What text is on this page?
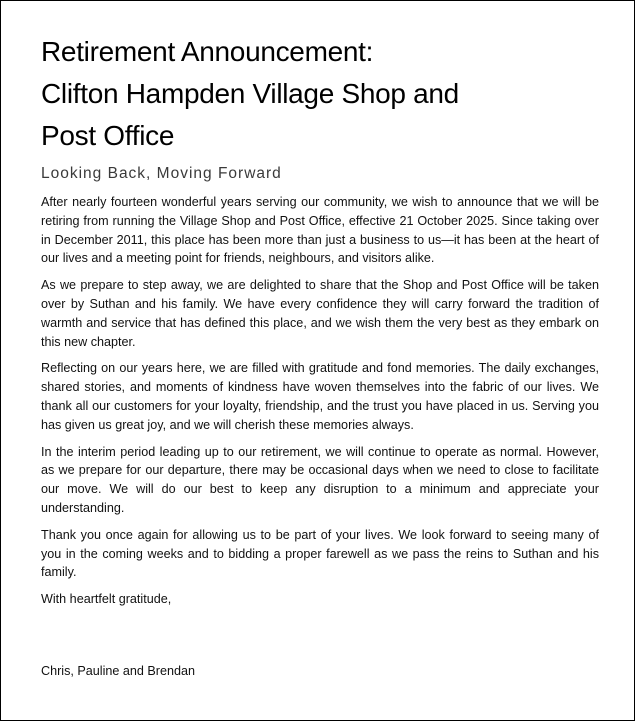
Retirement Announcement:
Clifton Hampden Village Shop and
Post Office
Looking Back, Moving Forward

After nearly fourteen wonderful years serving our community, we wish to announce that we will be retiring from running the Village Shop and Post Office, effective 21 October 2025. Since taking over in December 2011, this place has been more than just a business to us—it has been at the heart of our lives and a meeting point for friends, neighbours, and visitors alike.

As we prepare to step away, we are delighted to share that the Shop and Post Office will be taken over by Suthan and his family. We have every confidence they will carry forward the tradition of warmth and service that has defined this place, and we wish them the very best as they embark on this new chapter.

Reflecting on our years here, we are filled with gratitude and fond memories. The daily exchanges, shared stories, and moments of kindness have woven themselves into the fabric of our lives. We thank all our customers for your loyalty, friendship, and the trust you have placed in us. Serving you has given us great joy, and we will cherish these memories always.

In the interim period leading up to our retirement, we will continue to operate as normal. However, as we prepare for our departure, there may be occasional days when we need to close to facilitate our move. We will do our best to keep any disruption to a minimum and appreciate your understanding.

Thank you once again for allowing us to be part of your lives. We look forward to seeing many of you in the coming weeks and to bidding a proper farewell as we pass the reins to Suthan and his family.

With heartfelt gratitude,
Chris, Pauline and Brendan
